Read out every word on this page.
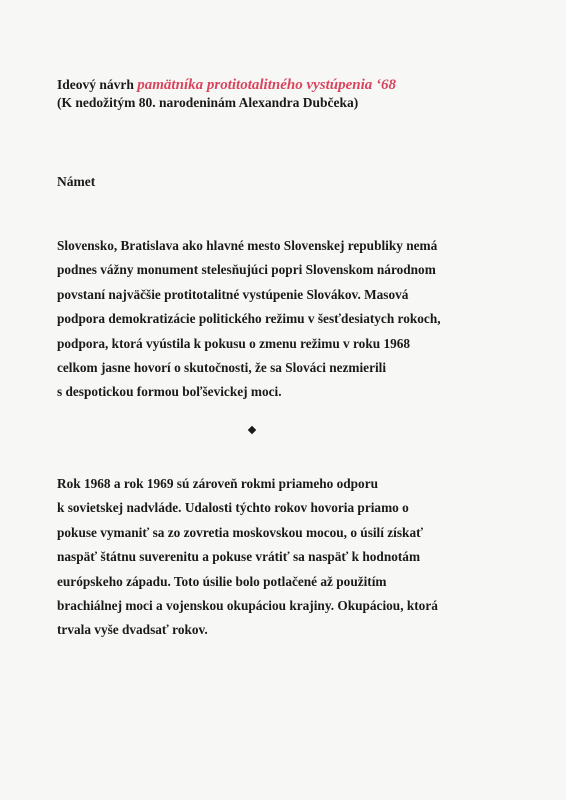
Ideový návrh pamätníka protitotalitného vystúpenia ‘68
(K nedožitým 80. narodeninám Alexandra Dubčeka)
Námet
Slovensko, Bratislava ako hlavné mesto Slovenskej republiky nemá
podnes vážny monument stelesňujúci popri Slovenskom národnom
povstaní najväčšie protitotalitné vystúpenie Slovákov. Masová
podpora demokratizácie politického režimu v šesťdesiatych rokoch,
podpora, ktorá vyústila k pokusu o zmenu režimu v roku 1968
celkom jasne hovorí o skutočnosti, že sa Slováci nezmierili
s despotickou formou boľševickej moci.
Rok 1968 a rok 1969 sú zároveň rokmi priameho odporu
k sovietskej nadvláde. Udalosti týchto rokov hovoria priamo o
pokuse vymaniť sa zo zovretia moskovskou mocou, o úsilí získať
naspäť štátnu suverenitu a pokuse vrátiť sa naspäť k hodnotám
európskeho západu. Toto úsilie bolo potlačené až použitím
brachiálnej moci a vojenskou okupáciou krajiny. Okupáciou, ktorá
trvala vyše dvadsať rokov.
